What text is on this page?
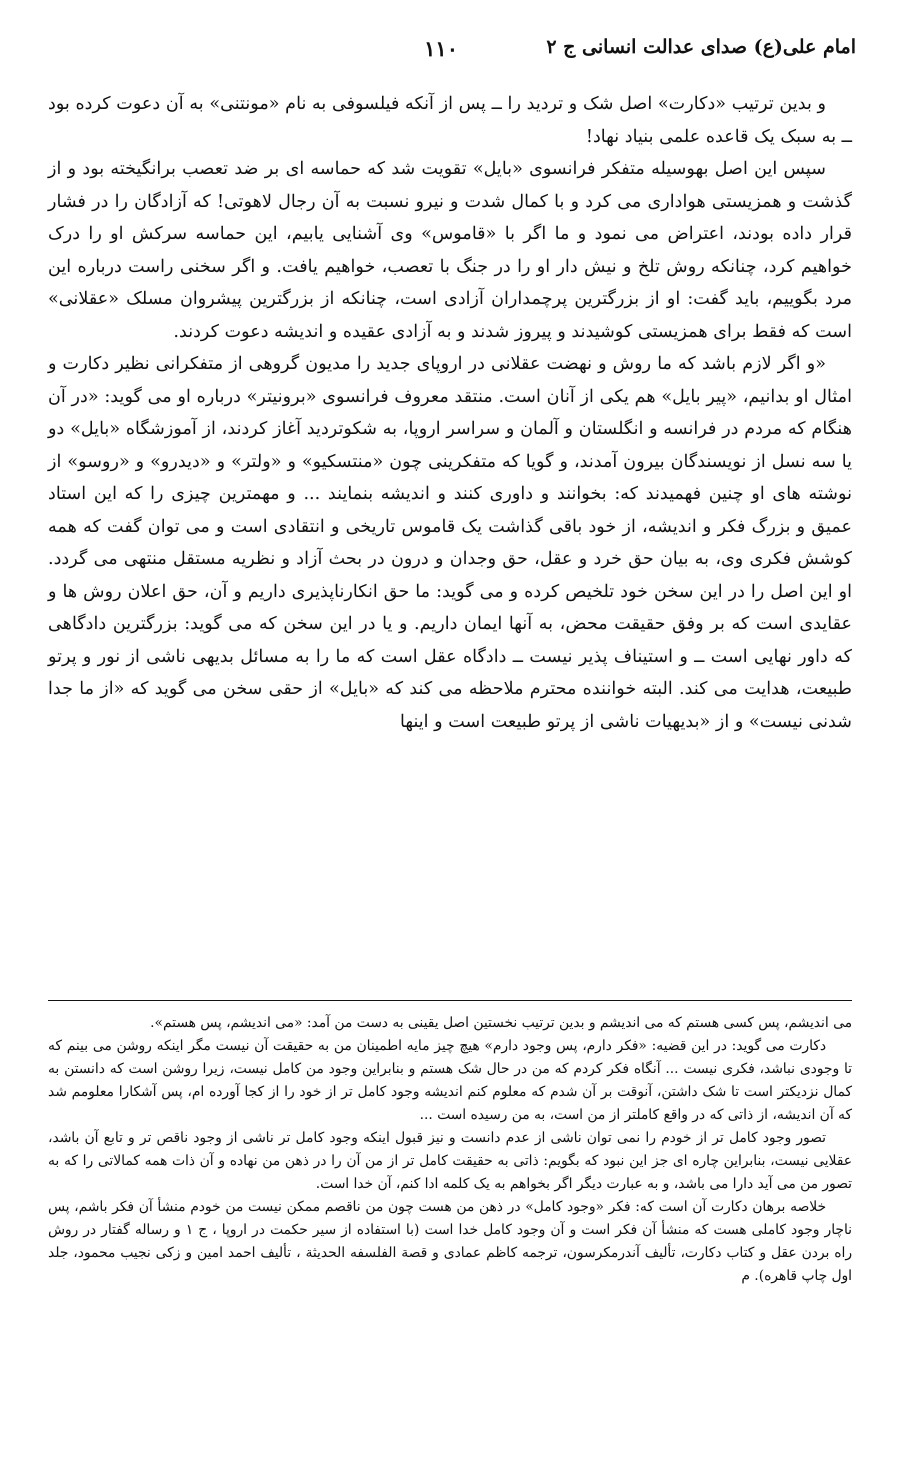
امام علی(ع) صدای عدالت انسانی ج ۲
۱۱۰

و بدین ترتیب «دکارت» اصل شک و تردید را ــ پس از آنکه فیلسوفی به نام «مونتنی» به آن دعوت کرده بود ــ به سبک یک قاعده علمی بنیاد نهاد!

سپس این اصل بهوسیله متفکر فرانسوی «بایل» تقویت شد که حماسه ای بر ضد تعصب برانگیخته بود و از گذشت و همزیستی هواداری می کرد و با کمال شدت و نیرو نسبت به آن رجال لاهوتی! که آزادگان را در فشار قرار داده بودند، اعتراض می نمود و ما اگر با «قاموس» وی آشنایی یابیم، این حماسه سرکش او را درک خواهیم کرد، چنانکه روش تلخ و نیش دار او را در جنگ با تعصب، خواهیم یافت. و اگر سخنی راست درباره این مرد بگوییم، باید گفت: او از بزرگترین پرچمداران آزادی است، چنانکه از بزرگترین پیشروان مسلک «عقلانی» است که فقط برای همزیستی کوشیدند و پیروز شدند و به آزادی عقیده و اندیشه دعوت کردند.

«و اگر لازم باشد که ما روش و نهضت عقلانی در اروپای جدید را مدیون گروهی از متفکرانی نظیر دکارت و امثال او بدانیم، «پیر بایل» هم یکی از آنان است. منتقد معروف فرانسوی «برونیتر» درباره او می گوید: «در آن هنگام که مردم در فرانسه و انگلستان و آلمان و سراسر اروپا، به شکوتردید آغاز کردند، از آموزشگاه «بایل» دو یا سه نسل از نویسندگان بیرون آمدند، و گویا که متفکرینی چون «منتسکیو» و «ولتر» و «دیدرو» و «روسو» از نوشته های او چنین فهمیدند که: بخوانند و داوری کنند و اندیشه بنمایند ... و مهمترین چیزی را که این استاد عمیق و بزرگ فکر و اندیشه، از خود باقی گذاشت یک قاموس تاریخی و انتقادی است و می توان گفت که همه کوشش فکری وی، به بیان حق خرد و عقل، حق وجدان و درون در بحث آزاد و نظریه مستقل منتهی می گردد. او این اصل را در این سخن خود تلخیص کرده و می گوید: ما حق انکارناپذیری داریم و آن، حق اعلان روش ها و عقایدی است که بر وفق حقیقت محض، به آنها ایمان داریم. و یا در این سخن که می گوید: بزرگترین دادگاهی که داور نهایی است ــ و استیناف پذیر نیست ــ دادگاه عقل است که ما را به مسائل بدیهی ناشی از نور و پرتو طبیعت، هدایت می کند. البته خواننده محترم ملاحظه می کند که «بایل» از حقی سخن می گوید که «از ما جدا شدنی نیست» و از «بدیهیات ناشی از پرتو طبیعت است و اینها

می اندیشم، پس کسی هستم که می اندیشم و بدین ترتیب نخستین اصل یقینی به دست من آمد: «می اندیشم، پس هستم».

دکارت می گوید: در این قضیه: «فکر دارم، پس وجود دارم» هیچ چیز مایه اطمینان من به حقیقت آن نیست مگر اینکه روشن می بینم که تا وجودی نباشد، فکری نیست ... آنگاه فکر کردم که من در حال شک هستم و بنابراین وجود من کامل نیست، زیرا روشن است که دانستن به کمال نزدیکتر است تا شک داشتن، آنوقت بر آن شدم که معلوم کنم اندیشه وجود کامل تر از خود را از کجا آورده ام، پس آشکارا معلومم شد که آن اندیشه، از ذاتی که در واقع کاملتر از من است، به من رسیده است ...

تصور وجود کامل تر از خودم را نمی توان ناشی از عدم دانست و نیز قبول اینکه وجود کامل تر ناشی از وجود ناقص تر و تابع آن باشد، عقلایی نیست، بنابراین چاره ای جز این نبود که بگویم: ذاتی به حقیقت کامل تر از من آن را در ذهن من نهاده و آن ذات همه کمالاتی را که به تصور من می آید دارا می باشد، و به عبارت دیگر اگر بخواهم به یک کلمه ادا کنم، آن خدا است.

خلاصه برهان دکارت آن است که: فکر «وجود کامل» در ذهن من هست چون من ناقصم ممکن نیست من خودم منشأ آن فکر باشم، پس ناچار وجود کاملی هست که منشأ آن فکر است و آن وجود کامل خدا است (با استفاده از سیر حکمت در اروپا ، ج ۱ و رساله گفتار در روش راه بردن عقل و کتاب دکارت، تألیف آندرمکرسون، ترجمه کاظم عمادی و قصة الفلسفه الحدیثة ، تألیف احمد امین و زکی نجیب محمود، جلد اول چاپ قاهره). م
